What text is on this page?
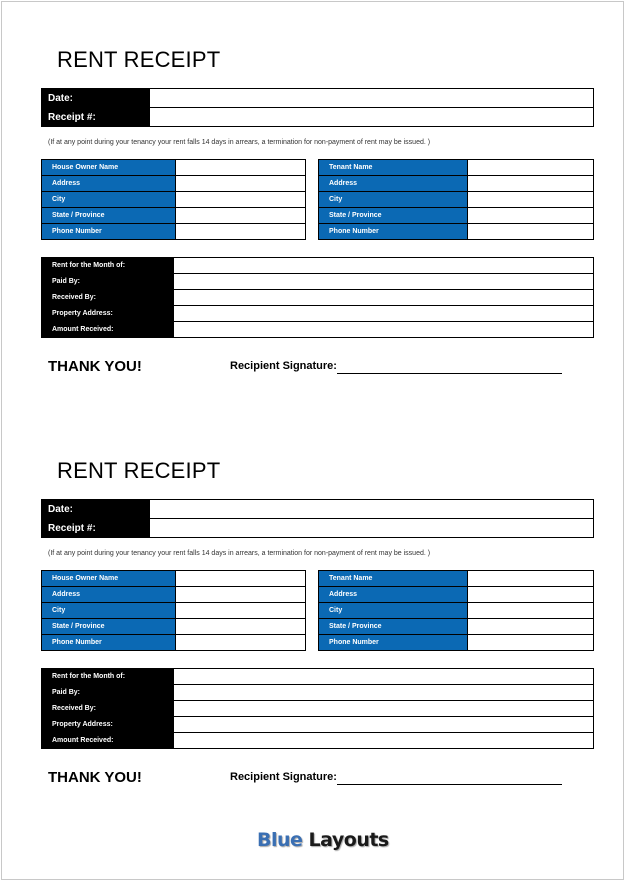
RENT RECEIPT
Date:	
Receipt #:	
(If at any point during your tenancy your rent falls 14 days in arrears, a termination for non-payment of rent may be issued. )
House Owner Name	
Address	
City	
State / Province	
Phone Number	
Tenant Name	
Address	
City	
State / Province	
Phone Number	
Rent for the Month of:	
Paid By:	
Received By:	
Property Address:	
Amount Received:	
THANK YOU!	Recipient Signature:
RENT RECEIPT
Date:	
Receipt #:	
(If at any point during your tenancy your rent falls 14 days in arrears, a termination for non-payment of rent may be issued. )
House Owner Name	
Address	
City	
State / Province	
Phone Number	
Tenant Name	
Address	
City	
State / Province	
Phone Number	
Rent for the Month of:	
Paid By:	
Received By:	
Property Address:	
Amount Received:	
THANK YOU!	Recipient Signature:
Blue Layouts
